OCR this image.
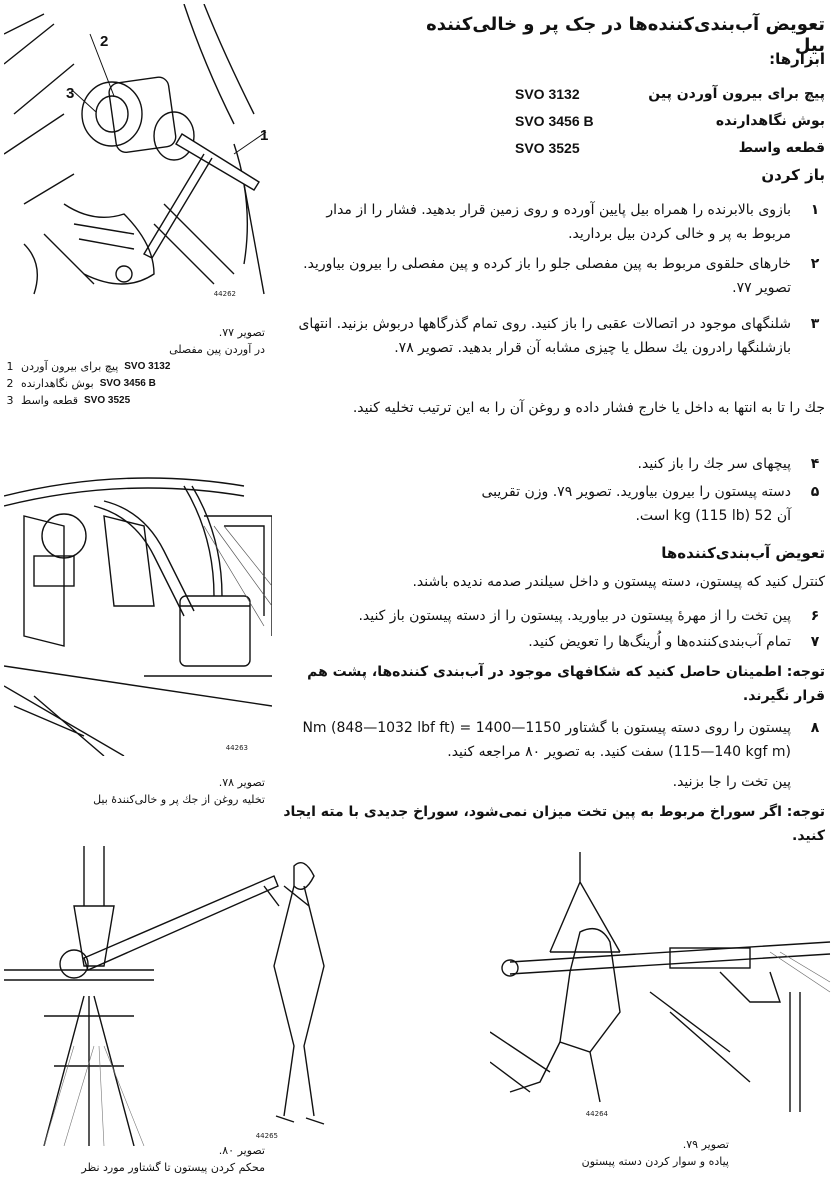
تعویض آب‌بندی‌کننده‌ها در جک پر و خالی‌کننده بیل
ابزارها:
پیچ برای بیرون آوردن پین
SVO 3132
بوش نگاهدارنده
SVO 3456 B
قطعه واسط
SVO 3525
باز کردن
۱
بازوی بالابرنده را همراه بیل پایین آورده و روی زمین قرار بدهید. فشار را از مدار مربوط به پر و خالی کردن بیل بردارید.
۲
خارهای حلقوی مربوط به پین مفصلی جلو را باز کرده و پین مفصلی را بیرون بیاورید. تصویر ۷۷.
۳
شلنگهای موجود در اتصالات عقبی را باز کنید. روی تمام گذرگاهها دربوش بزنید. انتهای بازشلنگها رادرون یك سطل یا چیزی مشابه آن قرار بدهید. تصویر ۷۸.
جك را تا به انتها به داخل یا خارج فشار داده و روغن آن را به این ترتیب تخلیه کنید.
۴
پیچهای سر جك را باز کنید.
۵
دسته پیستون را بیرون بیاورید. تصویر ۷۹. وزن تقریبی آن 52 kg (115 lb) است.
تعویض آب‌بندی‌کننده‌ها
کنترل کنید که پیستون، دسته پیستون و داخل سیلندر صدمه ندیده باشند.
۶
پین تخت را از مهرهٔ پیستون در بیاورید. پیستون را از دسته پیستون باز کنید.
۷
تمام آب‌بندی‌کننده‌ها و اُرینگ‌ها را تعویض کنید.
توجه: اطمینان حاصل کنید که شکافهای موجود در آب‌بندی کننده‌ها، پشت هم قرار نگیرند.
۸
پیستون را روی دسته پیستون با گشتاور 1150—1400 Nm (848—1032 lbf ft) = (115—140 kgf m) سفت کنید. به تصویر ۸۰ مراجعه کنید.
پین تخت را جا بزنید.
توجه: اگر سوراخ مربوط به پین تخت میزان نمی‌شود، سوراخ جدیدی با مته ایجاد کنید.
2
3
1
44262
تصویر ۷۷.
در آوردن پین مفصلی
1 پیچ برای بیرون آوردن SVO 3132
2 بوش نگاهدارنده SVO 3456 B
3 قطعه واسط SVO 3525
44263
تصویر ۷۸.
تخلیه روغن از جك پر و خالی‌کنندهٔ بیل
44265
تصویر ۸۰.
محکم کردن پیستون تا گشتاور مورد نظر
44264
تصویر ۷۹.
پیاده و سوار کردن دسته پیستون
